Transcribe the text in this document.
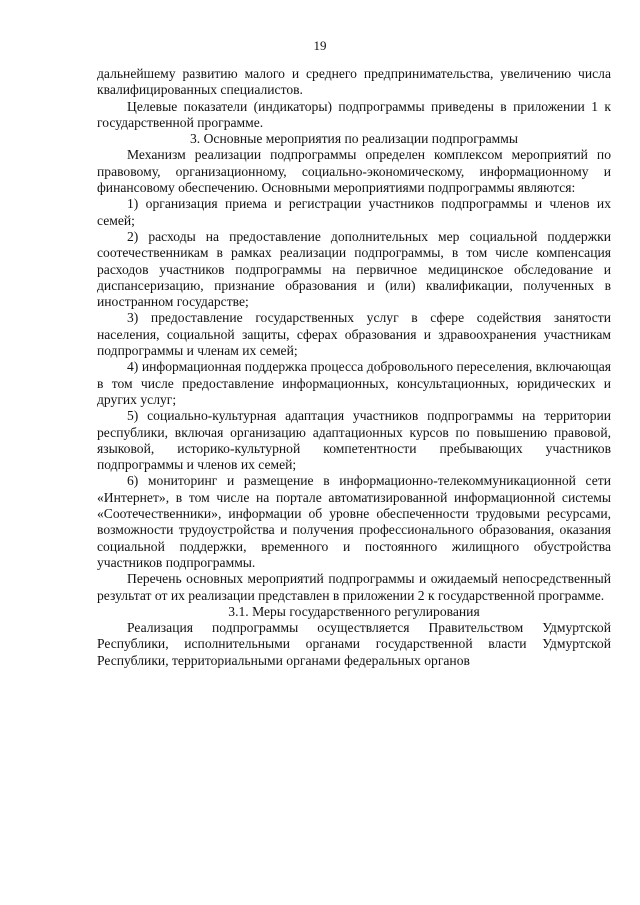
19

дальнейшему развитию малого и среднего предпринимательства, увеличению числа квалифицированных специалистов.

Целевые показатели (индикаторы) подпрограммы приведены в приложении 1 к государственной программе.

3. Основные мероприятия по реализации подпрограммы

Механизм реализации подпрограммы определен комплексом мероприятий по правовому, организационному, социально-экономическому, информационному и финансовому обеспечению. Основными мероприятиями подпрограммы являются:

1) организация приема и регистрации участников подпрограммы и членов их семей;

2) расходы на предоставление дополнительных мер социальной поддержки соотечественникам в рамках реализации подпрограммы, в том числе компенсация расходов участников подпрограммы на первичное медицинское обследование и диспансеризацию, признание образования и (или) квалификации, полученных в иностранном государстве;

3) предоставление государственных услуг в сфере содействия занятости населения, социальной защиты, сферах образования и здравоохранения участникам подпрограммы и членам их семей;

4) информационная поддержка процесса добровольного переселения, включающая в том числе предоставление информационных, консультационных, юридических и других услуг;

5) социально-культурная адаптация участников подпрограммы на территории республики, включая организацию адаптационных курсов по повышению правовой, языковой, историко-культурной компетентности пребывающих участников подпрограммы и членов их семей;

6) мониторинг и размещение в информационно-телекоммуникационной сети «Интернет», в том числе на портале автоматизированной информационной системы «Соотечественники», информации об уровне обеспеченности трудовыми ресурсами, возможности трудоустройства и получения профессионального образования, оказания социальной поддержки, временного и постоянного жилищного обустройства участников подпрограммы.

Перечень основных мероприятий подпрограммы и ожидаемый непосредственный результат от их реализации представлен в приложении 2 к государственной программе.

3.1. Меры государственного регулирования

Реализация подпрограммы осуществляется Правительством Удмуртской Республики, исполнительными органами государственной власти Удмуртской Республики, территориальными органами федеральных органов
